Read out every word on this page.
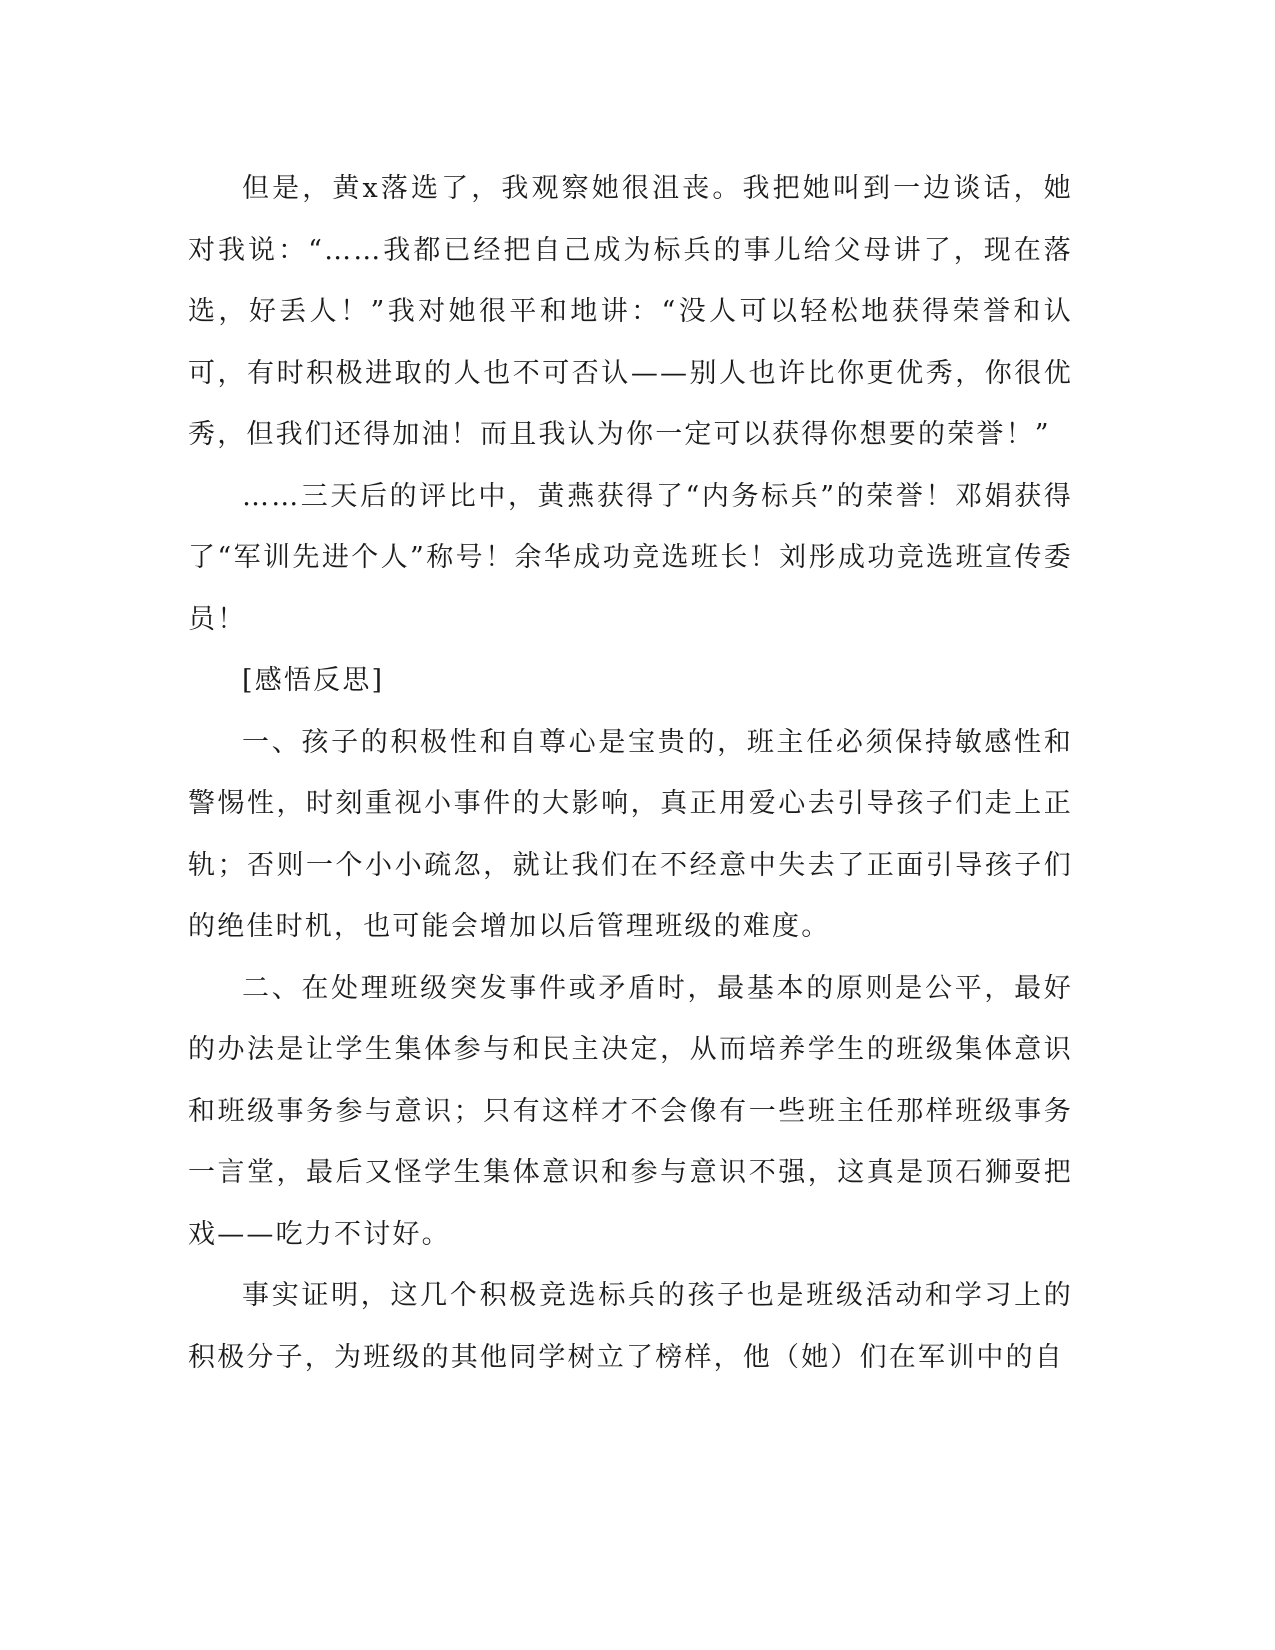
但是，黄x落选了，我观察她很沮丧。我把她叫到一边谈话，她对我说：“……我都已经把自己成为标兵的事儿给父母讲了，现在落选，好丢人！”我对她很平和地讲：“没人可以轻松地获得荣誉和认可，有时积极进取的人也不可否认——别人也许比你更优秀，你很优秀，但我们还得加油！而且我认为你一定可以获得你想要的荣誉！”

……三天后的评比中，黄燕获得了“内务标兵”的荣誉！邓娟获得了“军训先进个人”称号！余华成功竞选班长！刘彤成功竞选班宣传委员！

[感悟反思]

一、孩子的积极性和自尊心是宝贵的，班主任必须保持敏感性和警惕性，时刻重视小事件的大影响，真正用爱心去引导孩子们走上正轨；否则一个小小疏忽，就让我们在不经意中失去了正面引导孩子们的绝佳时机，也可能会增加以后管理班级的难度。

二、在处理班级突发事件或矛盾时，最基本的原则是公平，最好的办法是让学生集体参与和民主决定，从而培养学生的班级集体意识和班级事务参与意识；只有这样才不会像有一些班主任那样班级事务一言堂，最后又怪学生集体意识和参与意识不强，这真是顶石狮耍把戏——吃力不讨好。

事实证明，这几个积极竞选标兵的孩子也是班级活动和学习上的积极分子，为班级的其他同学树立了榜样，他（她）们在军训中的自
